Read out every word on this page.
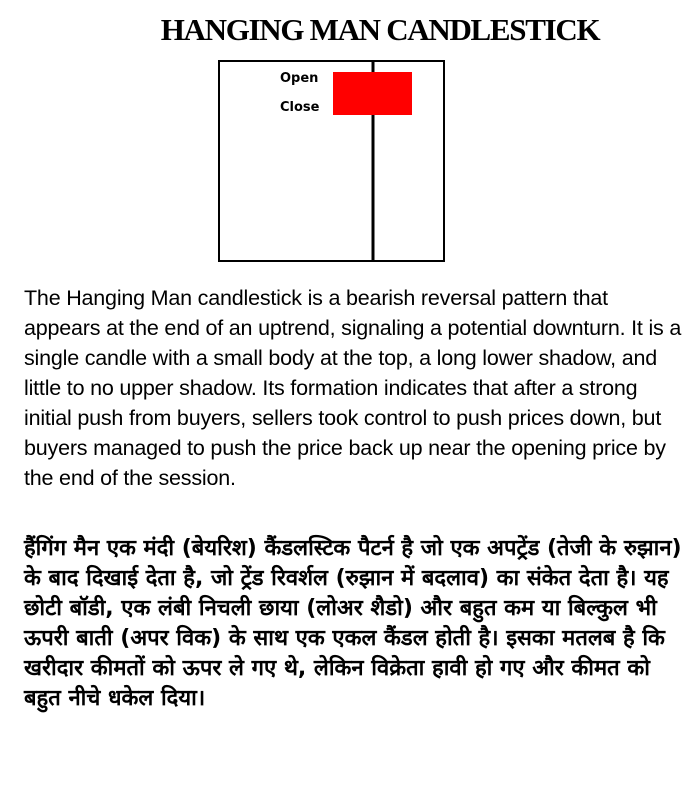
HANGING MAN CANDLESTICK
Open
Close

The Hanging Man candlestick is a bearish reversal pattern that appears at the end of an uptrend, signaling a potential downturn. It is a single candle with a small body at the top, a long lower shadow, and little to no upper shadow. Its formation indicates that after a strong initial push from buyers, sellers took control to push prices down, but buyers managed to push the price back up near the opening price by the end of the session.

हैंगिंग मैन एक मंदी (बेयरिश) कैंडलस्टिक पैटर्न है जो एक अपट्रेंड (तेजी के रुझान) के बाद दिखाई देता है, जो ट्रेंड रिवर्शल (रुझान में बदलाव) का संकेत देता है। यह छोटी बॉडी, एक लंबी निचली छाया (लोअर शैडो) और बहुत कम या बिल्कुल भी ऊपरी बाती (अपर विक) के साथ एक एकल कैंडल होती है। इसका मतलब है कि खरीदार कीमतों को ऊपर ले गए थे, लेकिन विक्रेता हावी हो गए और कीमत को बहुत नीचे धकेल दिया।
